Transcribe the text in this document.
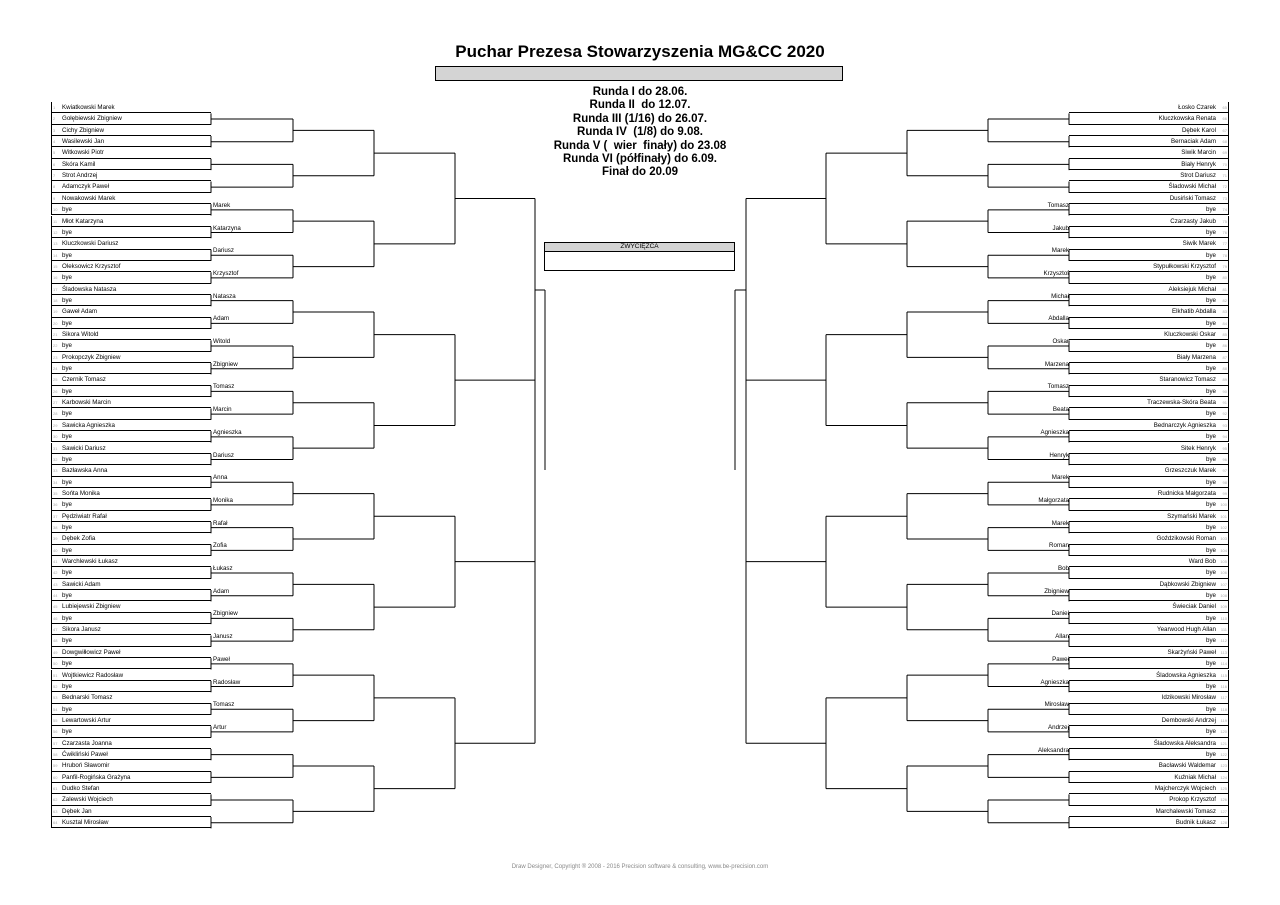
Puchar Prezesa Stowarzyszenia MG&CC 2020
Runda I do 28.06.
Runda II  do 12.07.
Runda III (1/16) do 26.07.
Runda IV  (1/8) do 9.08.
Runda V (  wier  finały) do 23.08
Runda VI (półfinały) do 6.09.
Finał do 20.09
ZWYCIĘZCA
1 Kwiatkowski Marek
2 Gołębiewski Zbigniew
3 Cichy Zbigniew
4 Wasilewski Jan
5 Witkowski Piotr
6 Skóra Kamil
7 Strot Andrzej
8 Adamczyk Paweł
9 Nowakowski Marek
10 bye
11 Młot Katarzyna
12 bye
13 Kluczkowski Dariusz
14 bye
15 Oleksowicz Krzysztof
16 bye
17 Śladowska Natasza
18 bye
19 Gaweł Adam
20 bye
21 Sikora Witold
22 bye
23 Prokopczyk Zbigniew
24 bye
25 Czernik Tomasz
26 bye
27 Karbowski Marcin
28 bye
29 Sawicka Agnieszka
30 bye
31 Sawicki Dariusz
32 bye
33 Bazławska Anna
34 bye
35 Sońta Monika
36 bye
37 Pędziwiatr Rafał
38 bye
39 Dębek Zofia
40 bye
41 Warchlewski Łukasz
42 bye
43 Sawicki Adam
44 bye
45 Lubiejewski Zbigniew
46 bye
47 Sikora Janusz
48 bye
49 Dowgwiłłowicz Paweł
50 bye
51 Wojtkiewicz Radosław
52 bye
53 Bednarski Tomasz
54 bye
55 Lewartowski Artur
56 bye
57 Czarzasta Joanna
58 Ćwikliński Paweł
59 Hruboń Sławomir
60 Panfil-Rogińska Grażyna
61 Dudko Stefan
62 Zalewski Wojciech
63 Dębek Jan
64 Kusztal Mirosław
Łosko Czarek 65
Kluczkowska Renata 66
Dębek Karol 67
Bernaciak Adam 68
Siwik Marcin 69
Biały Henryk 70
Strot Dariusz 71
Śladowski Michał 72
Dusiński Tomasz 73
bye 74
Czarzasty Jakub 75
bye 76
Siwik Marek 77
bye 78
Stypułkowski Krzysztof 79
bye 80
Aleksiejuk Michał 81
bye 82
Elkhatib Abdalla 83
bye 84
Kluczkowski Oskar 85
bye 86
Biały Marzena 87
bye 88
Staranowicz Tomasz 89
bye 90
Traczewska-Skóra Beata 91
bye 92
Bednarczyk Agnieszka 93
bye 94
Sitek Henryk 95
bye 96
Grzeszczuk Marek 97
bye 98
Rudnicka Małgorzata 99
bye 100
Szymański Marek 101
bye 102
Goździkowski Roman 103
bye 104
Ward Bob 105
bye 106
Dąbkowski Zbigniew 107
bye 108
Świeciak Daniel 109
bye 110
Yearwood Hugh Allan 111
bye 112
Skarżyński Paweł 113
bye 114
Śladowska Agnieszka 115
bye 116
Idzikowski Mirosław 117
bye 118
Dembowski Andrzej 119
bye 120
Śladowska Aleksandra 121
bye 122
Bacławski Waldemar 123
Kuźniak Michał 124
Majcherczyk Wojciech 125
Prokop Krzysztof 126
Marchalewski Tomasz 127
Budnik Łukasz 128
Marek
Katarzyna
Dariusz
Krzysztof
Natasza
Adam
Witold
Zbigniew
Tomasz
Marcin
Agnieszka
Dariusz
Anna
Monika
Rafał
Zofia
Łukasz
Adam
Zbigniew
Janusz
Paweł
Radosław
Tomasz
Artur
Tomasz
Jakub
Marek
Krzysztof
Michał
Abdalla
Oskar
Marzena
Tomasz
Beata
Agnieszka
Henryk
Marek
Małgorzata
Marek
Roman
Bob
Zbigniew
Daniel
Allan
Paweł
Agnieszka
Mirosław
Andrzej
Aleksandra
Draw Designer, Copyright ® 2008 - 2016 Precision software & consulting, www.be-precision.com
